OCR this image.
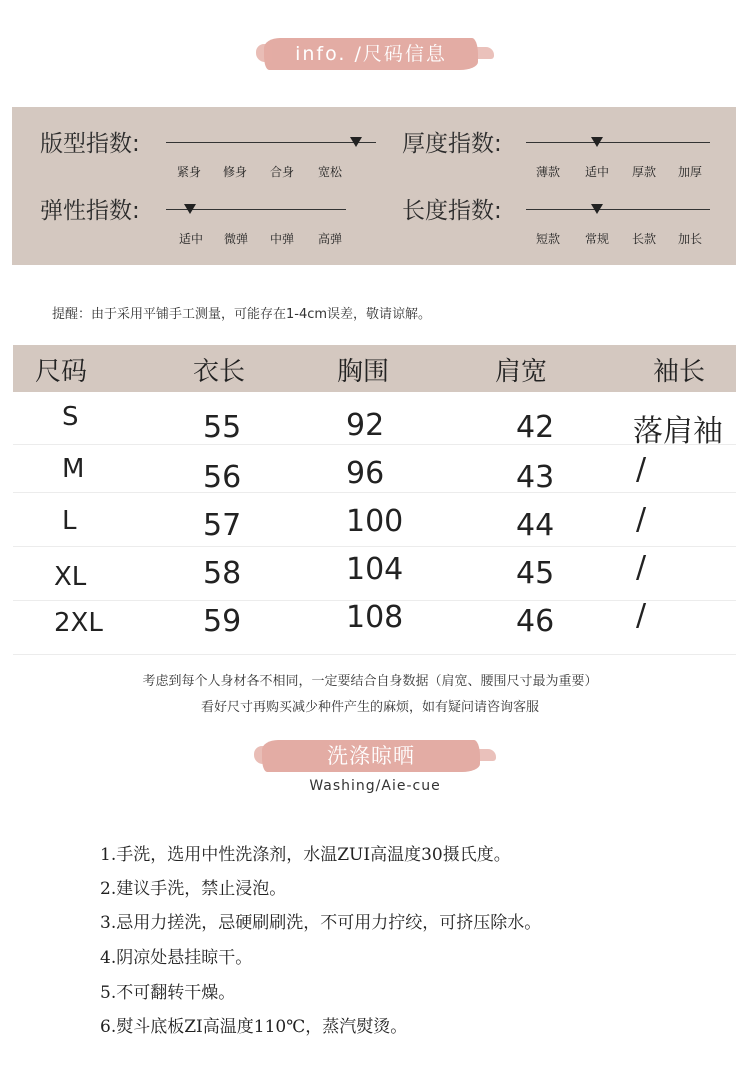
info. /尺码信息
版型指数:
紧身 修身 合身 宽松
厚度指数:
薄款 适中 厚款 加厚
弹性指数:
适中 微弹 中弹 高弹
长度指数:
短款 常规 长款 加长
提醒：由于采用平铺手工测量，可能存在1-4cm误差，敬请谅解。
尺码	衣长	胸围	肩宽	袖长
S	55	92	42	落肩袖
M	56	96	43	/
L	57	100	44	/
XL	58	104	45	/
2XL	59	108	46	/
考虑到每个人身材各不相同，一定要结合自身数据（肩宽、腰围尺寸最为重要）
看好尺寸再购买减少种件产生的麻烦，如有疑问请咨询客服
洗涤晾晒
Washing/Aie-cue
1.手洗，选用中性洗涤剂，水温ZUI高温度30摄氏度。
2.建议手洗，禁止浸泡。
3.忌用力搓洗，忌硬刷刷洗，不可用力拧绞，可挤压除水。
4.阴凉处悬挂晾干。
5.不可翻转干燥。
6.熨斗底板ZI高温度110℃，蒸汽熨烫。
